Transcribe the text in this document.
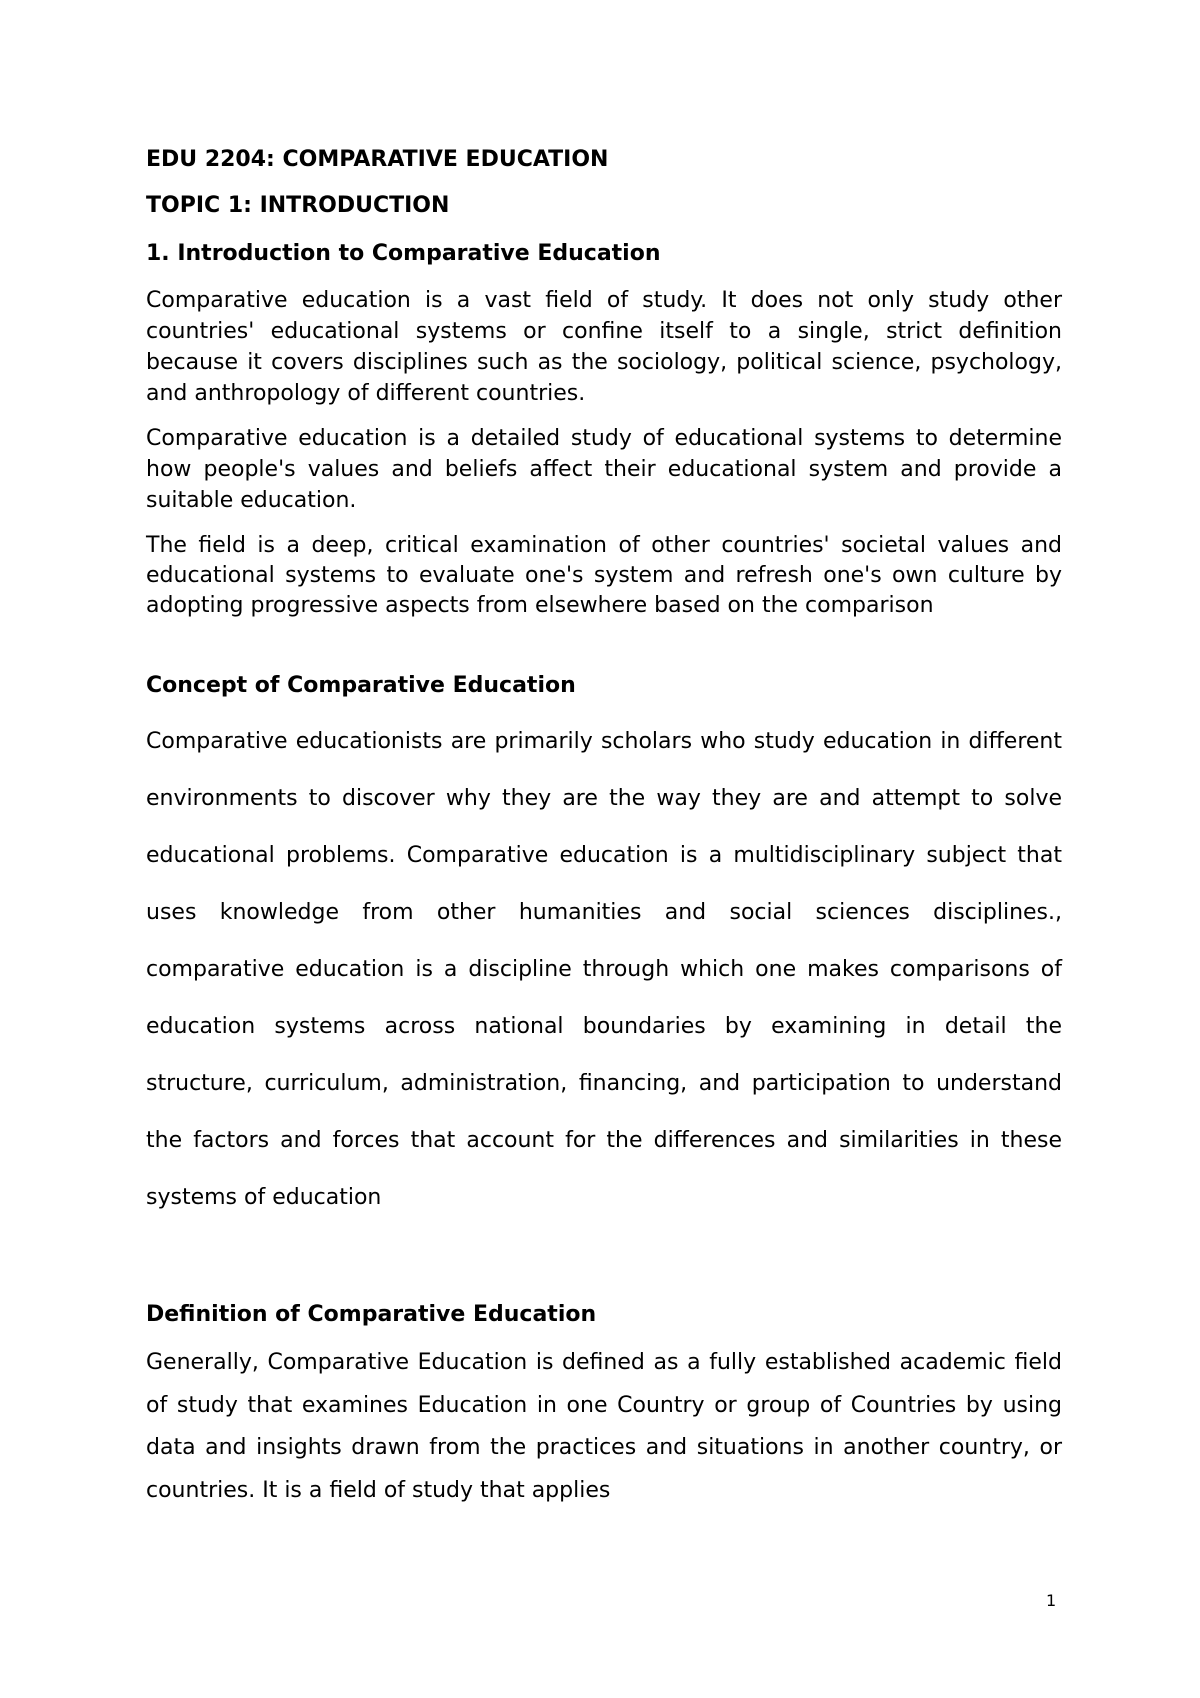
EDU 2204: COMPARATIVE EDUCATION
TOPIC 1: INTRODUCTION
1. Introduction to Comparative Education

Comparative education is a vast field of study. It does not only study other countries' educational systems or confine itself to a single, strict definition because it covers disciplines such as the sociology, political science, psychology, and anthropology of different countries.

Comparative education is a detailed study of educational systems to determine how people's values and beliefs affect their educational system and provide a suitable education.

The field is a deep, critical examination of other countries' societal values and educational systems to evaluate one's system and refresh one's own culture by adopting progressive aspects from elsewhere based on the comparison

Concept of Comparative Education

Comparative educationists are primarily scholars who study education in different environments to discover why they are the way they are and attempt to solve educational problems. Comparative education is a multidisciplinary subject that uses knowledge from other humanities and social sciences disciplines., comparative education is a discipline through which one makes comparisons of education systems across national boundaries by examining in detail the structure, curriculum, administration, financing, and participation to understand the factors and forces that account for the differences and similarities in these systems of education

Definition of Comparative Education

Generally, Comparative Education is defined as a fully established academic field of study that examines Education in one Country or group of Countries by using data and insights drawn from the practices and situations in another country, or countries. It is a field of study that applies

1
